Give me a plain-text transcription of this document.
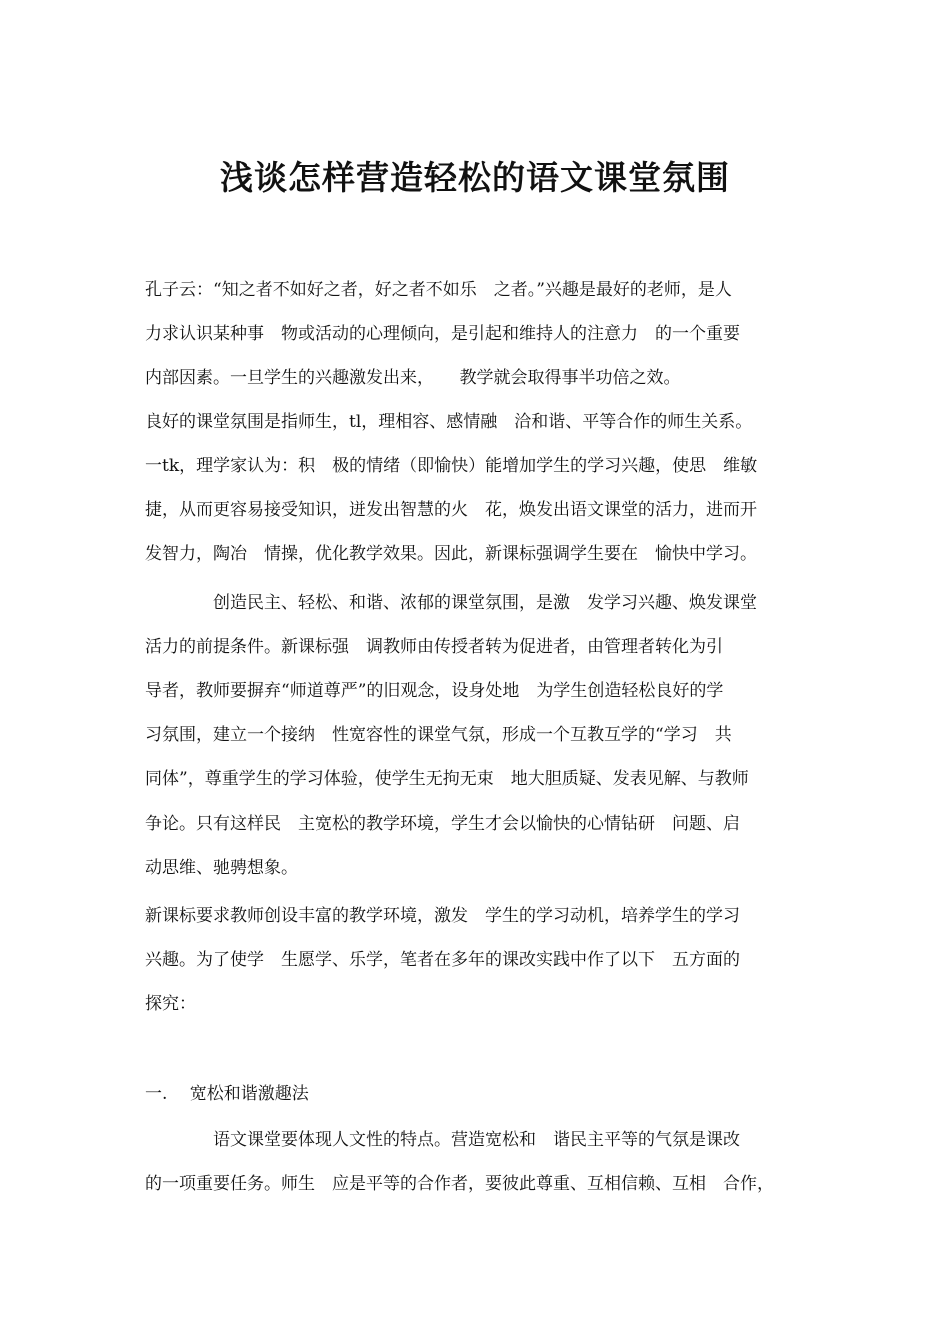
浅谈怎样营造轻松的语文课堂氛围
孔子云：“知之者不如好之者，好之者不如乐　之者。”兴趣是最好的老师，是人
力求认识某种事　物或活动的心理倾向，是引起和维持人的注意力　的一个重要
内部因素。一旦学生的兴趣激发出来，　　教学就会取得事半功倍之效。
良好的课堂氛围是指师生，tl，理相容、感情融　洽和谐、平等合作的师生关系。
一tk，理学家认为：积　极的情绪（即愉快）能增加学生的学习兴趣，使思　维敏
捷，从而更容易接受知识，迸发出智慧的火　花，焕发出语文课堂的活力，进而开
发智力，陶冶　情操，优化教学效果。因此，新课标强调学生要在　愉快中学习。
　　　　创造民主、轻松、和谐、浓郁的课堂氛围，是激　发学习兴趣、焕发课堂
活力的前提条件。新课标强　调教师由传授者转为促进者，由管理者转化为引
导者，教师要摒弃“师道尊严”的旧观念，设身处地　为学生创造轻松良好的学
习氛围，建立一个接纳　性宽容性的课堂气氛，形成一个互教互学的“学习　共
同体”，尊重学生的学习体验，使学生无拘无束　地大胆质疑、发表见解、与教师
争论。只有这样民　主宽松的教学环境，学生才会以愉快的心情钻研　问题、启
动思维、驰骋想象。
新课标要求教师创设丰富的教学环境，激发　学生的学习动机，培养学生的学习
兴趣。为了使学　生愿学、乐学，笔者在多年的课改实践中作了以下　五方面的
探究：
一.　 宽松和谐激趣法
　　　　语文课堂要体现人文性的特点。营造宽松和　谐民主平等的气氛是课改
的一项重要任务。师生　应是平等的合作者，要彼此尊重、互相信赖、互相　合作，
